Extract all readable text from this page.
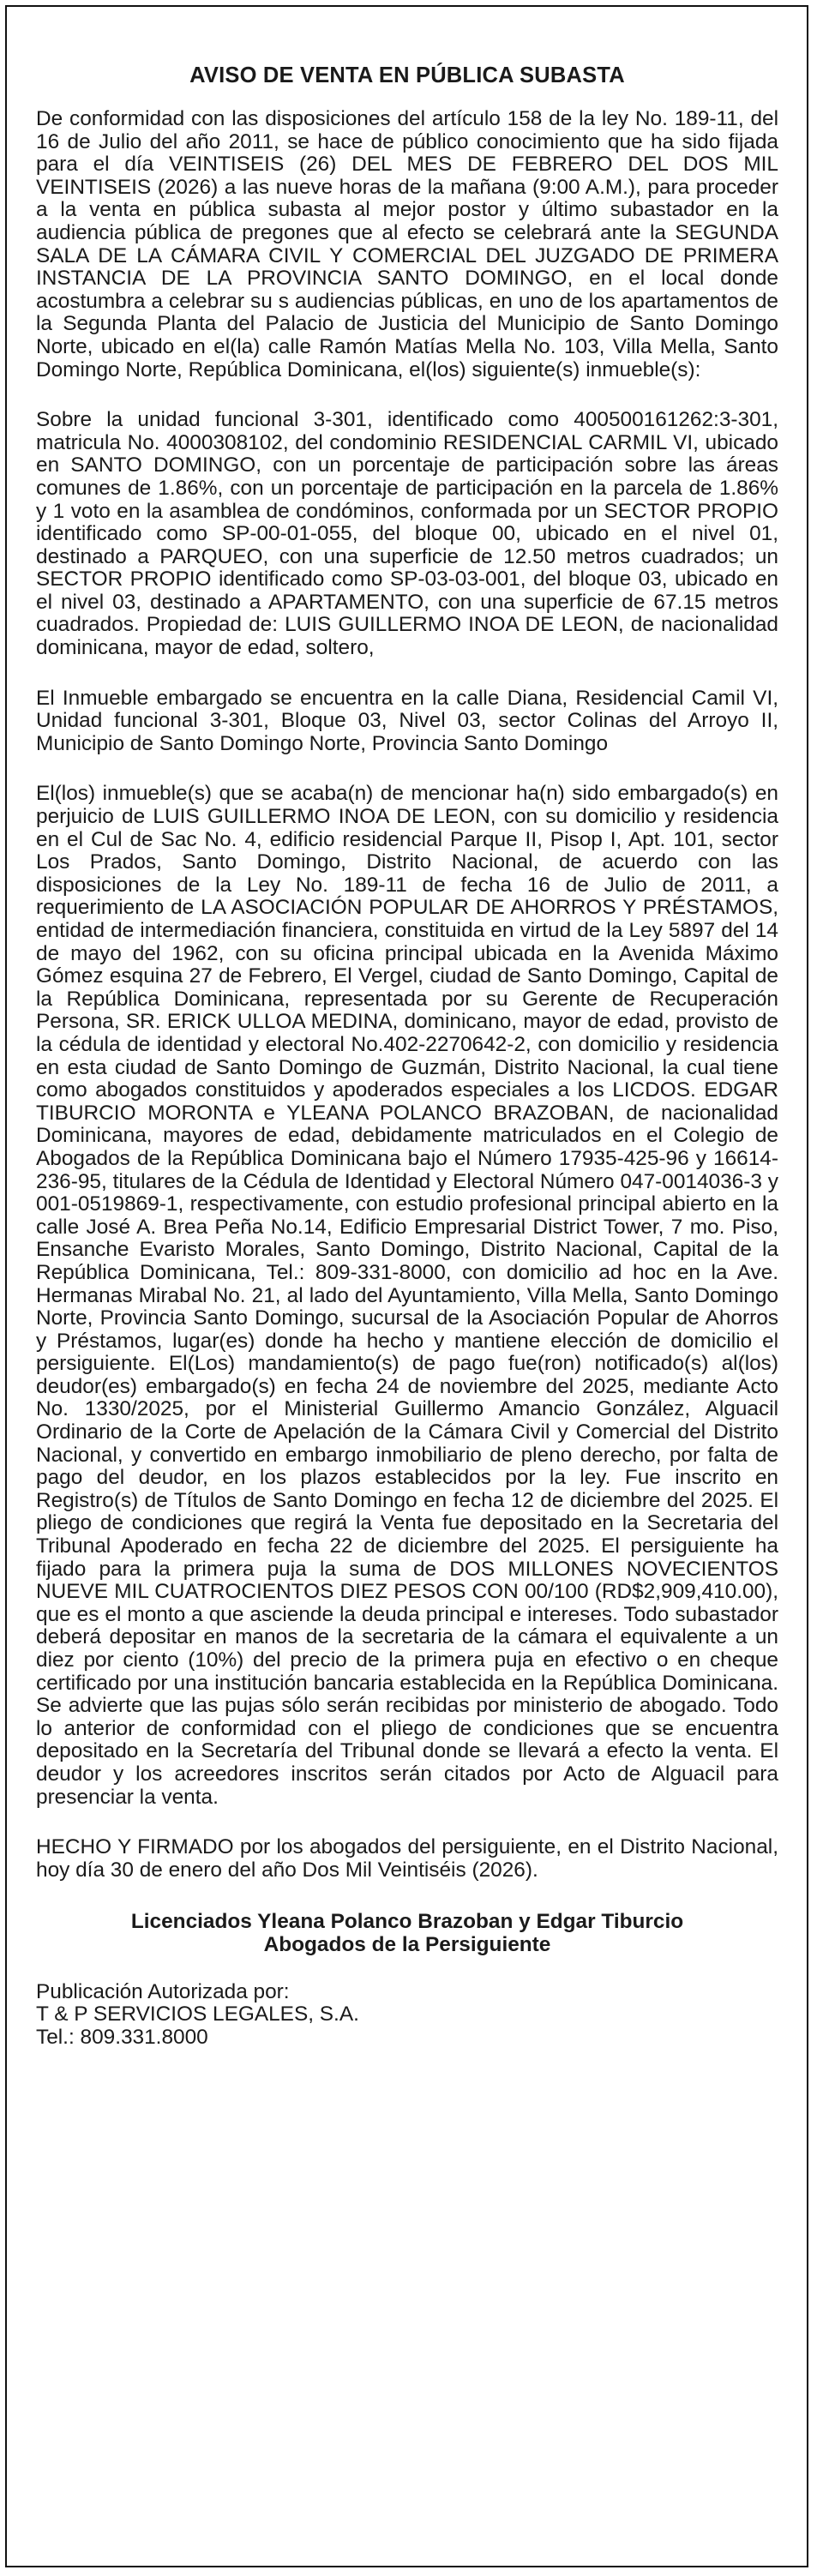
AVISO DE VENTA EN PÚBLICA SUBASTA

De conformidad con las disposiciones del artículo 158 de la ley No. 189-11, del 16 de Julio del año 2011, se hace de público conocimiento que ha sido fijada para el día VEINTISEIS (26) DEL MES DE FEBRERO DEL DOS MIL VEINTISEIS (2026) a las nueve horas de la mañana (9:00 A.M.), para proceder a la venta en pública subasta al mejor postor y último subastador en la audiencia pública de pregones que al efecto se celebrará ante la SEGUNDA SALA DE LA CÁMARA CIVIL Y COMERCIAL DEL JUZGADO DE PRIMERA INSTANCIA DE LA PROVINCIA SANTO DOMINGO, en el local donde acostumbra a celebrar su s audiencias públicas, en uno de los apartamentos de la Segunda Planta del Palacio de Justicia del Municipio de Santo Domingo Norte, ubicado en el(la) calle Ramón Matías Mella No. 103, Villa Mella, Santo Domingo Norte, República Dominicana, el(los) siguiente(s) inmueble(s):

Sobre la unidad funcional 3-301, identificado como 400500161262:3-301, matricula No. 4000308102, del condominio RESIDENCIAL CARMIL VI, ubicado en SANTO DOMINGO, con un porcentaje de participación sobre las áreas comunes de 1.86%, con un porcentaje de participación en la parcela de 1.86% y 1 voto en la asamblea de condóminos, conformada por un SECTOR PROPIO identificado como SP-00-01-055, del bloque 00, ubicado en el nivel 01, destinado a PARQUEO, con una superficie de 12.50 metros cuadrados; un SECTOR PROPIO identificado como SP-03-03-001, del bloque 03, ubicado en el nivel 03, destinado a APARTAMENTO, con una superficie de 67.15 metros cuadrados. Propiedad de: LUIS GUILLERMO INOA DE LEON, de nacionalidad dominicana, mayor de edad, soltero,

El Inmueble embargado se encuentra en la calle Diana, Residencial Camil VI, Unidad funcional 3-301, Bloque 03, Nivel 03, sector Colinas del Arroyo II, Municipio de Santo Domingo Norte, Provincia Santo Domingo

El(los) inmueble(s) que se acaba(n) de mencionar ha(n) sido embargado(s) en perjuicio de LUIS GUILLERMO INOA DE LEON, con su domicilio y residencia en el Cul de Sac No. 4, edificio residencial Parque II, Pisop I, Apt. 101, sector Los Prados, Santo Domingo, Distrito Nacional, de acuerdo con las disposiciones de la Ley No. 189-11 de fecha 16 de Julio de 2011, a requerimiento de LA ASOCIACIÓN POPULAR DE AHORROS Y PRÉSTAMOS, entidad de intermediación financiera, constituida en virtud de la Ley 5897 del 14 de mayo del 1962, con su oficina principal ubicada en la Avenida Máximo Gómez esquina 27 de Febrero, El Vergel, ciudad de Santo Domingo, Capital de la República Dominicana, representada por su Gerente de Recuperación Persona, SR. ERICK ULLOA MEDINA, dominicano, mayor de edad, provisto de la cédula de identidad y electoral No.402-2270642-2, con domicilio y residencia en esta ciudad de Santo Domingo de Guzmán, Distrito Nacional, la cual tiene como abogados constituidos y apoderados especiales a los LICDOS. EDGAR TIBURCIO MORONTA e YLEANA POLANCO BRAZOBAN, de nacionalidad Dominicana, mayores de edad, debidamente matriculados en el Colegio de Abogados de la República Dominicana bajo el Número 17935-425-96 y 16614-236-95, titulares de la Cédula de Identidad y Electoral Número 047-0014036-3 y 001-0519869-1, respectivamente, con estudio profesional principal abierto en la calle José A. Brea Peña No.14, Edificio Empresarial District Tower, 7 mo. Piso, Ensanche Evaristo Morales, Santo Domingo, Distrito Nacional, Capital de la República Dominicana, Tel.: 809-331-8000, con domicilio ad hoc en la Ave. Hermanas Mirabal No. 21, al lado del Ayuntamiento, Villa Mella, Santo Domingo Norte, Provincia Santo Domingo, sucursal de la Asociación Popular de Ahorros y Préstamos, lugar(es) donde ha hecho y mantiene elección de domicilio el persiguiente. El(Los) mandamiento(s) de pago fue(ron) notificado(s) al(los) deudor(es) embargado(s) en fecha 24 de noviembre del 2025, mediante Acto No. 1330/2025, por el Ministerial Guillermo Amancio González, Alguacil Ordinario de la Corte de Apelación de la Cámara Civil y Comercial del Distrito Nacional, y convertido en embargo inmobiliario de pleno derecho, por falta de pago del deudor, en los plazos establecidos por la ley. Fue inscrito en Registro(s) de Títulos de Santo Domingo en fecha 12 de diciembre del 2025. El pliego de condiciones que regirá la Venta fue depositado en la Secretaria del Tribunal Apoderado en fecha 22 de diciembre del 2025. El persiguiente ha fijado para la primera puja la suma de DOS MILLONES NOVECIENTOS NUEVE MIL CUATROCIENTOS DIEZ PESOS CON 00/100 (RD$2,909,410.00), que es el monto a que asciende la deuda principal e intereses. Todo subastador deberá depositar en manos de la secretaria de la cámara el equivalente a un diez por ciento (10%) del precio de la primera puja en efectivo o en cheque certificado por una institución bancaria establecida en la República Dominicana. Se advierte que las pujas sólo serán recibidas por ministerio de abogado. Todo lo anterior de conformidad con el pliego de condiciones que se encuentra depositado en la Secretaría del Tribunal donde se llevará a efecto la venta. El deudor y los acreedores inscritos serán citados por Acto de Alguacil para presenciar la venta.

HECHO Y FIRMADO por los abogados del persiguiente, en el Distrito Nacional, hoy día 30 de enero del año Dos Mil Veintiséis (2026).

Licenciados Yleana Polanco Brazoban y Edgar Tiburcio
Abogados de la Persiguiente
Publicación Autorizada por:
T & P SERVICIOS LEGALES, S.A.
Tel.: 809.331.8000
